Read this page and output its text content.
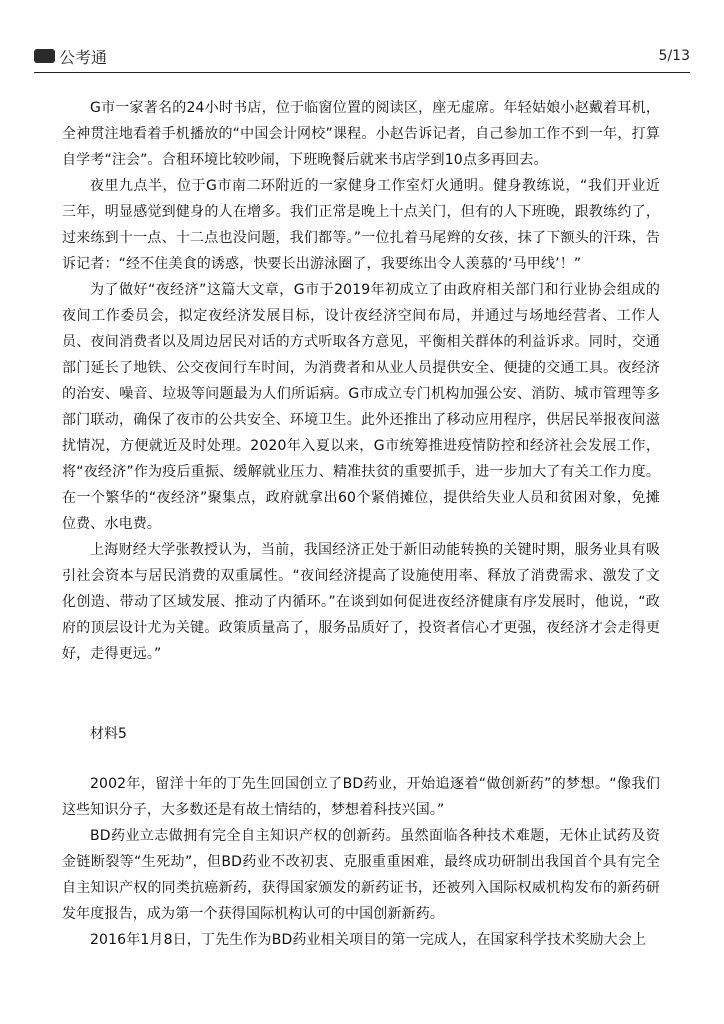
公考通	5/13

G市一家著名的24小时书店，位于临窗位置的阅读区，座无虚席。年轻姑娘小赵戴着耳机，全神贯注地看着手机播放的“中国会计网校”课程。小赵告诉记者，自己参加工作不到一年，打算自学考“注会”。合租环境比较吵闹，下班晚餐后就来书店学到10点多再回去。

夜里九点半，位于G市南二环附近的一家健身工作室灯火通明。健身教练说，“我们开业近三年，明显感觉到健身的人在增多。我们正常是晚上十点关门，但有的人下班晚，跟教练约了，过来练到十一点、十二点也没问题，我们都等。”一位扎着马尾辫的女孩，抹了下额头的汗珠，告诉记者：“经不住美食的诱惑，快要长出游泳圈了，我要练出令人羡慕的‘马甲线’！”

为了做好“夜经济”这篇大文章，G市于2019年初成立了由政府相关部门和行业协会组成的夜间工作委员会，拟定夜经济发展目标，设计夜经济空间布局，并通过与场地经营者、工作人员、夜间消费者以及周边居民对话的方式听取各方意见，平衡相关群体的利益诉求。同时，交通部门延长了地铁、公交夜间行车时间，为消费者和从业人员提供安全、便捷的交通工具。夜经济的治安、噪音、垃圾等问题最为人们所诟病。G市成立专门机构加强公安、消防、城市管理等多部门联动，确保了夜市的公共安全、环境卫生。此外还推出了移动应用程序，供居民举报夜间滋扰情况，方便就近及时处理。2020年入夏以来，G市统筹推进疫情防控和经济社会发展工作，将“夜经济”作为疫后重振、缓解就业压力、精准扶贫的重要抓手，进一步加大了有关工作力度。在一个繁华的“夜经济”聚集点，政府就拿出60个紧俏摊位，提供给失业人员和贫困对象，免摊位费、水电费。

上海财经大学张教授认为，当前，我国经济正处于新旧动能转换的关键时期，服务业具有吸引社会资本与居民消费的双重属性。“夜间经济提高了设施使用率、释放了消费需求、激发了文化创造、带动了区域发展、推动了内循环。”在谈到如何促进夜经济健康有序发展时，他说，“政府的顶层设计尤为关键。政策质量高了，服务品质好了，投资者信心才更强，夜经济才会走得更好，走得更远。”

材料5

2002年，留洋十年的丁先生回国创立了BD药业，开始追逐着“做创新药”的梦想。“像我们这些知识分子，大多数还是有故土情结的，梦想着科技兴国。”

BD药业立志做拥有完全自主知识产权的创新药。虽然面临各种技术难题，无休止试药及资金链断裂等“生死劫”，但BD药业不改初衷、克服重重困难，最终成功研制出我国首个具有完全自主知识产权的同类抗癌新药，获得国家颁发的新药证书，还被列入国际权威机构发布的新药研发年度报告，成为第一个获得国际机构认可的中国创新新药。

2016年1月8日，丁先生作为BD药业相关项目的第一完成人，在国家科学技术奖励大会上
